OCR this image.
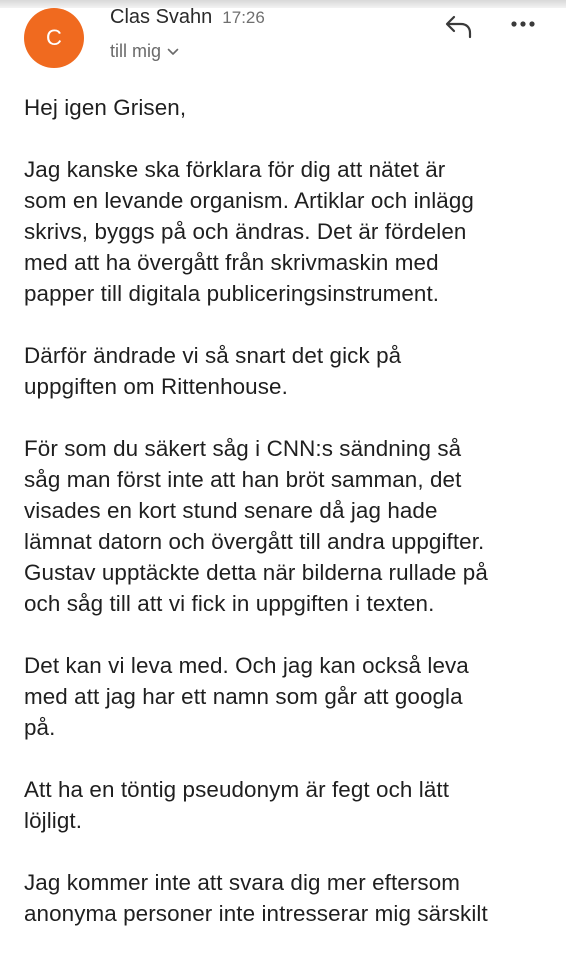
C
Clas Svahn 17:26
till mig

Hej igen Grisen,

Jag kanske ska förklara för dig att nätet är
som en levande organism. Artiklar och inlägg
skrivs, byggs på och ändras. Det är fördelen
med att ha övergått från skrivmaskin med
papper till digitala publiceringsinstrument.

Därför ändrade vi så snart det gick på
uppgiften om Rittenhouse.

För som du säkert såg i CNN:s sändning så
såg man först inte att han bröt samman, det
visades en kort stund senare då jag hade
lämnat datorn och övergått till andra uppgifter.
Gustav upptäckte detta när bilderna rullade på
och såg till att vi fick in uppgiften i texten.

Det kan vi leva med. Och jag kan också leva
med att jag har ett namn som går att googla
på.

Att ha en töntig pseudonym är fegt och lätt
löjligt.

Jag kommer inte att svara dig mer eftersom
anonyma personer inte intresserar mig särskilt
